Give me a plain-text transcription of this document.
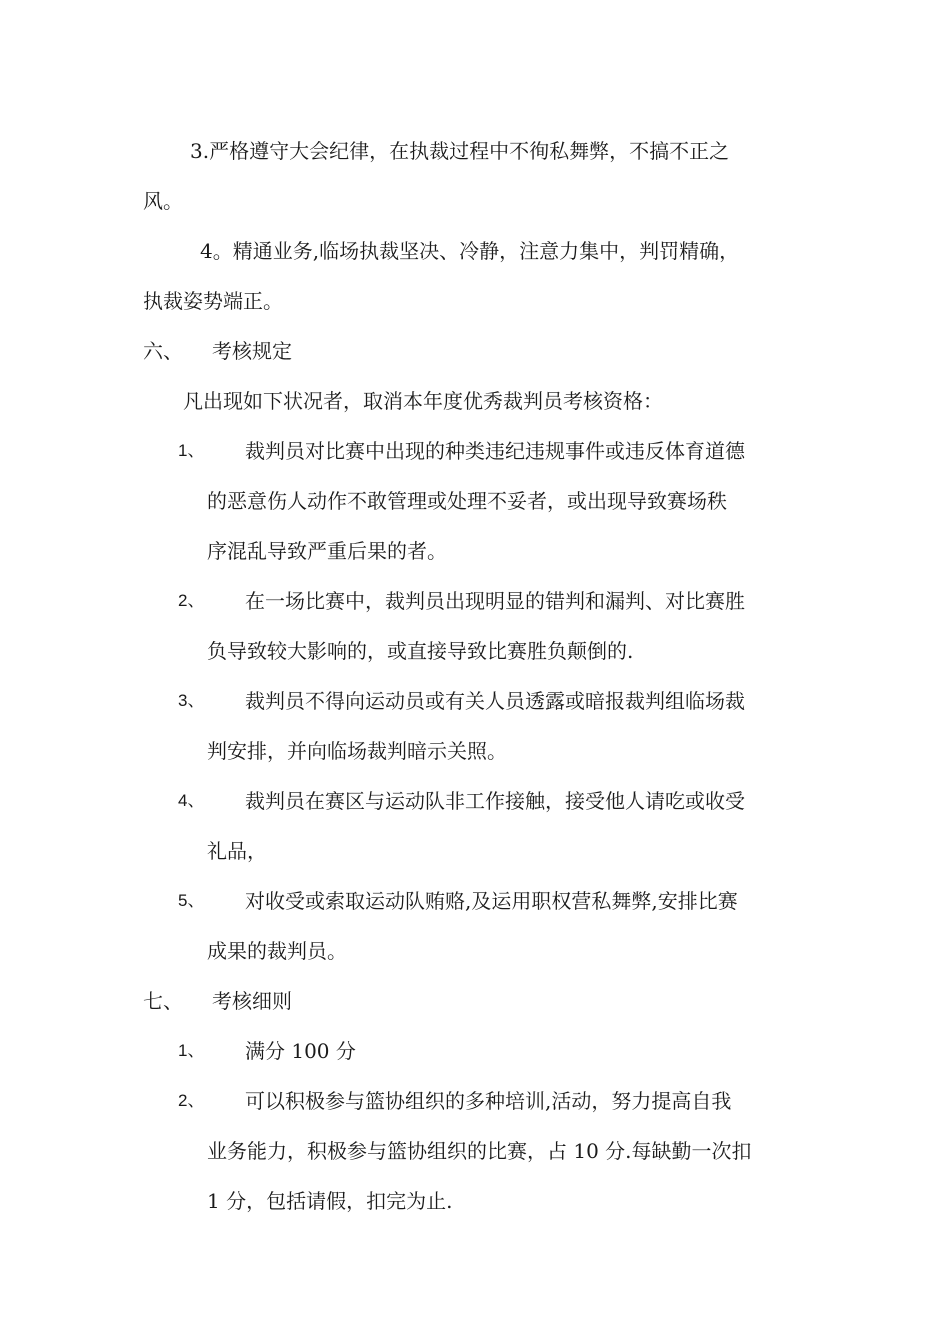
3.严格遵守大会纪律，在执裁过程中不徇私舞弊，不搞不正之
风。
4。精通业务,临场执裁坚决、冷静，注意力集中，判罚精确，
执裁姿势端正。
六、 考核规定
凡出现如下状况者，取消本年度优秀裁判员考核资格：
1、 裁判员对比赛中出现的种类违纪违规事件或违反体育道德
的恶意伤人动作不敢管理或处理不妥者，或出现导致赛场秩
序混乱导致严重后果的者。
2、 在一场比赛中，裁判员出现明显的错判和漏判、对比赛胜
负导致较大影响的，或直接导致比赛胜负颠倒的.
3、 裁判员不得向运动员或有关人员透露或暗报裁判组临场裁
判安排，并向临场裁判暗示关照。
4、 裁判员在赛区与运动队非工作接触，接受他人请吃或收受
礼品，
5、 对收受或索取运动队贿赂,及运用职权营私舞弊,安排比赛
成果的裁判员。
七、 考核细则
1、 满分 100 分
2、 可以积极参与篮协组织的多种培训,活动，努力提高自我
业务能力，积极参与篮协组织的比赛，占 10 分.每缺勤一次扣
1 分，包括请假，扣完为止.
